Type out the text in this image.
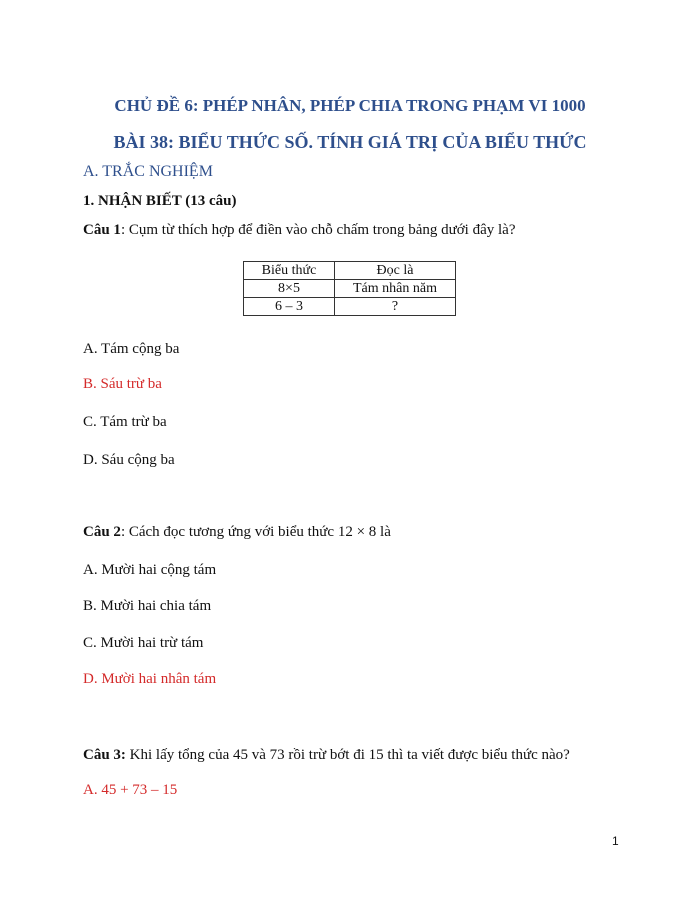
CHỦ ĐỀ 6: PHÉP NHÂN, PHÉP CHIA TRONG PHẠM VI 1000
BÀI 38: BIỂU THỨC SỐ. TÍNH GIÁ TRỊ CỦA BIỂU THỨC
A. TRẮC NGHIỆM
1. NHẬN BIẾT (13 câu)
Câu 1: Cụm từ thích hợp để điền vào chỗ chấm trong bảng dưới đây là?
Biểu thức	Đọc là
8×5	Tám nhân năm
6 – 3	?
A. Tám cộng ba
B. Sáu trừ ba
C. Tám trừ ba
D. Sáu cộng ba
Câu 2: Cách đọc tương ứng với biểu thức 12 × 8 là
A. Mười hai cộng tám
B. Mười hai chia tám
C. Mười hai trừ tám
D. Mười hai nhân tám
Câu 3: Khi lấy tổng của 45 và 73 rồi trừ bớt đi 15 thì ta viết được biểu thức nào?
A. 45 + 73 – 15
1
